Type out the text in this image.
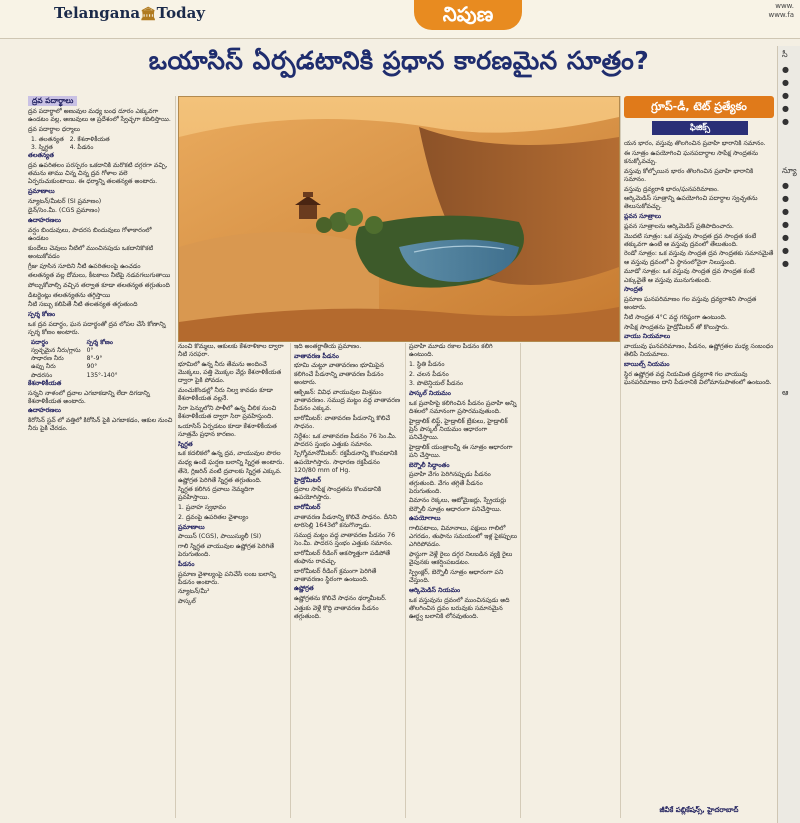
Telangana🏛Today	నిపుణ	www.
www.fa
ఒయాసిస్ ఏర్పడటానికి ప్రధాన కారణమైన సూత్రం?
ద్రవ పదార్థాలు

ద్రవ పదార్థాలో అణువుల మధ్య బంధ దూరం ఎక్కువగా ఉండటం వల్ల, అణువులు ఆ ప్రదేశంలో స్వేచ్ఛగా కదిలిస్తాయి.

ద్రవ పదార్థాల ధర్మాలు

1. తలతన్యత	2. కేశనాళికీయత
3. స్నిగ్ధత	4. పీడనం

తలతన్యత

ద్రవ ఉపరితలం పరస్పరం ఒకదానికి మరొకటి దగ్గరగా వచ్చి, తమను తాము చిన్న చిన్న ద్రవ గోళాల వలె ఏర్పరుచుకుంటాయి. ఈ ధర్మాన్ని తలతన్యత అంటారు.

ప్రమాణాలు

న్యూటన్/మీటర్ (SI ప్రమాణం)

డైన్/సెం.మీ. (CGS ప్రమాణం)

ఉదాహరణలు

వర్షం బిందువులు, పాదరస బిందువులు గోళాకారంలో ఉండటం

కుందేలు చెవులు నీటిలో ముంచినపుడు ఒకదానికొకటి అంటుకోవడం

గ్రీజు పూసిన సూదిని నీటి ఉపరితలంపై ఉంచడం

తలతన్యత వల్ల దోమలు, కీటకాలు నీటిపై నడవగలుగుతాయి

పోల్చుకోవాల్సి వచ్చిన తర్వాత కూడా తలతన్యత తగ్గుతుంది

డిటర్జెంట్లు తలతన్యతను తగ్గిస్తాయి

నీటి సబ్బు కలిపితే నీటి తలతన్యత తగ్గుతుంది

స్పర్శ కోణం

ఒక ద్రవ పదార్థం, ఘన పదార్థంతో ద్రవ లోపల చేసే కోణాన్ని స్పర్శ కోణం అంటారు.

పదార్థం	స్పర్శ కోణం
స్వచ్ఛమైన నీరు/గ్లాసు	0°
సాధారణ నీరు	8°-9°
ఉప్పు నీరు	90°
పాదరసం	135°-140°

కేశనాళికీయత

సన్నని నాళంలో ద్రవాల ఎగబాకడాన్ని లేదా దిగడాన్ని కేశనాళికీయత అంటారు.

ఉదాహరణలు

కిరోసిన్ స్టవ్ లో వత్తిలో కిరోసిన్ పైకి ఎగబాకడం, ఆకుల నుంచి నీరు పైకి చేరడం.

నుంచి కొమ్మలు, ఆకులకు కేశనాళికాల ద్వారా నీటి సరఫరా.

భూమిలో ఉన్న నీరు తేమను అందించే మొక్కలు, పత్తి మొక్కల వేర్లు కేశనాళికీయత ద్వారా పైకి పోవడం.

మంచుకొండల్లో నీరు నిల్వ కావడం కూడా కేశనాళికీయత వల్లనే.

సిరా పెన్నులోని పాళీలో ఉన్న చీలిక నుంచి కేశనాళికీయత ద్వారా సిరా ప్రవహిస్తుంది.

ఒయాసిస్ ఏర్పడటం కూడా కేశనాళికీయత సూత్రమే ప్రధాన కారణం.

స్నిగ్ధత

ఒక కదలికలో ఉన్న ద్రవ, వాయువుల పొరల మధ్య ఉండే ఘర్షణ బలాన్ని స్నిగ్ధత అంటారు.

తేనె, గ్లిజరిన్ వంటి ద్రవాలకు స్నిగ్ధత ఎక్కువ. ఉష్ణోగ్రత పెరిగితే స్నిగ్ధత తగ్గుతుంది.

స్నిగ్ధత కలిగిన ద్రవాలు నెమ్మదిగా ప్రవహిస్తాయి.

1. ప్రవాహ స్వభావం

2. ద్రవంపై ఉపరితల వైశాల్యం

ప్రమాణాలు

పాయిస్ (CGS), పాయిస్యులీ (SI)

గాలి స్నిగ్ధత వాయువుల ఉష్ణోగ్రత పెరిగితే పెరుగుతుంది.

పీడనం

ప్రమాణ వైశాల్యంపై పనిచేసే లంబ బలాన్ని పీడనం అంటారు.

న్యూటన్/మీ²

పాస్కల్

ఇది అంతర్జాతీయ ప్రమాణం.

వాతావరణ పీడనం

భూమి చుట్టూ వాతావరణం భూమిపైన కలిగించే పీడనాన్ని వాతావరణ పీడనం అంటారు.

ఆక్సిజన్: వివిధ వాయువుల మిశ్రమం వాతావరణం. సముద్ర మట్టం వద్ద వాతావరణ పీడనం ఎక్కువ.

బారోమీటర్: వాతావరణ పీడనాన్ని కొలిచే సాధనం.

నిర్దేశం: ఒక వాతావరణ పీడనం 76 సెం.మీ. పాదరస స్తంభం ఎత్తుకు సమానం.

స్పిగ్మోమానోమీటర్: రక్తపీడనాన్ని కొలవడానికి ఉపయోగిస్తారు. సాధారణ రక్తపీడనం 120/80 mm of Hg.

హైడ్రోమీటర్

ద్రవాల సాపేక్ష సాంద్రతను కొలవడానికి ఉపయోగిస్తారు.

బారోమీటర్

వాతావరణ పీడనాన్ని కొలిచే సాధనం. దీనిని టారిసెల్లి 1643లో కనుగొన్నాడు.

సముద్ర మట్టం వద్ద వాతావరణ పీడనం 76 సెం.మీ. పాదరస స్తంభం ఎత్తుకు సమానం.

బారోమీటర్ రీడింగ్ అకస్మాత్తుగా పడిపోతే తుఫాను రావచ్చు.

బారోమీటర్ రీడింగ్ క్రమంగా పెరిగితే వాతావరణం స్థిరంగా ఉంటుంది.

ఉష్ణోగ్రత

ఉష్ణోగ్రతను కొలిచే సాధనం థర్మామీటర్.

ఎత్తుకు వెళ్లే కొద్ది వాతావరణ పీడనం తగ్గుతుంది.

ప్రవాహి మూడు రకాల పీడనం కలిగి ఉంటుంది.

1. స్థితి పీడనం

2. చలన పీడనం

3. పొటెన్షియల్ పీడనం

పాస్కల్ నియమం

ఒక ప్రవాహిపై కలిగించిన పీడనం ప్రవాహి అన్ని దిశలలో సమానంగా ప్రసారమవుతుంది.

హైడ్రాలిక్ లిఫ్ట్, హైడ్రాలిక్ బ్రేకులు, హైడ్రాలిక్ ప్రెస్ పాస్కల్ నియమం ఆధారంగా పనిచేస్తాయి.

హైడ్రాలిక్ యంత్రాలన్నీ ఈ సూత్రం ఆధారంగా పని చేస్తాయి.

బెర్నౌలీ సిద్ధాంతం

ప్రవాహి వేగం పెరిగినప్పుడు పీడనం తగ్గుతుంది. వేగం తగ్గితే పీడనం పెరుగుతుంది.

విమానం రెక్కలు, ఆటోమైజర్లు, స్ప్రేయర్లు బెర్నౌలీ సూత్రం ఆధారంగా పనిచేస్తాయి.

ఉపయోగాలు

గాలిపటాలు, విమానాలు, పక్షులు గాలిలో ఎగరడం, తుఫాను సమయంలో ఇళ్ల పైకప్పులు ఎగిరిపోవడం.

ఫాస్టుగా వెళ్లే రైలు దగ్గర నిలబడిన వ్యక్తి రైలు వైపునకు ఆకర్షింపబడటం.

స్ప్రింక్లర్, బెర్నౌలీ సూత్రం ఆధారంగా పని చేస్తుంది.

ఆర్కిమెడిస్ నియమం

ఒక వస్తువును ద్రవంలో ముంచినపుడు అది తొలగించిన ద్రవం బరువుకు సమానమైన ఊర్ధ్వ బలానికి లోనవుతుంది.

గ్రూప్-డీ, టెట్ ప్రత్యేకం
ఫిజిక్స్

యన భారం, వస్తువు తొలగించిన ప్రవాహి భారానికి సమానం.

ఈ సూత్రం ఉపయోగించి ఘనపదార్థాల సాపేక్ష సాంద్రతను కనుక్కోవచ్చు.

వస్తువు కోల్పోయిన భారం తొలగించిన ప్రవాహి భారానికి సమానం.

వస్తువు ద్రవ్యరాశి భారం/ఘనపరిమాణం.

ఆర్కిమెడిస్ సూత్రాన్ని ఉపయోగించి పదార్థాల స్వచ్ఛతను తెలుసుకోవచ్చు.

ప్లవన సూత్రాలు

ప్లవన సూత్రాలను ఆర్కిమెడిస్ ప్రతిపాదించారు.

మొదటి సూత్రం: ఒక వస్తువు సాంద్రత ద్రవ సాంద్రత కంటే తక్కువగా ఉంటే ఆ వస్తువు ద్రవంలో తేలుతుంది.

రెండో సూత్రం: ఒక వస్తువు సాంద్రత ద్రవ సాంద్రతకు సమానమైతే ఆ వస్తువు ద్రవంలో ఏ స్థానంలోనైనా నిలుస్తుంది.

మూడో సూత్రం: ఒక వస్తువు సాంద్రత ద్రవ సాంద్రత కంటే ఎక్కువైతే ఆ వస్తువు మునుగుతుంది.

సాంద్రత

ప్రమాణ ఘనపరిమాణం గల వస్తువు ద్రవ్యరాశిని సాంద్రత అంటారు.

నీటి సాంద్రత 4°C వద్ద గరిష్ఠంగా ఉంటుంది.

సాపేక్ష సాంద్రతను హైడ్రోమీటర్ తో కొలుస్తారు.

వాయు నియమాలు

వాయువు ఘనపరిమాణం, పీడనం, ఉష్ణోగ్రతల మధ్య సంబంధం తెలిపే నియమాలు.

బాయిల్స్ నియమం

స్థిర ఉష్ణోగ్రత వద్ద నియమిత ద్రవ్యరాశి గల వాయువు ఘనపరిమాణం దాని పీడనానికి విలోమానుపాతంలో ఉంటుంది.

జీవీకే పబ్లికేషన్స్, హైదరాబాద్
సీ
●
●
●
●
●
న్యూ
●
●
●
●
●
●
●
ఆ
